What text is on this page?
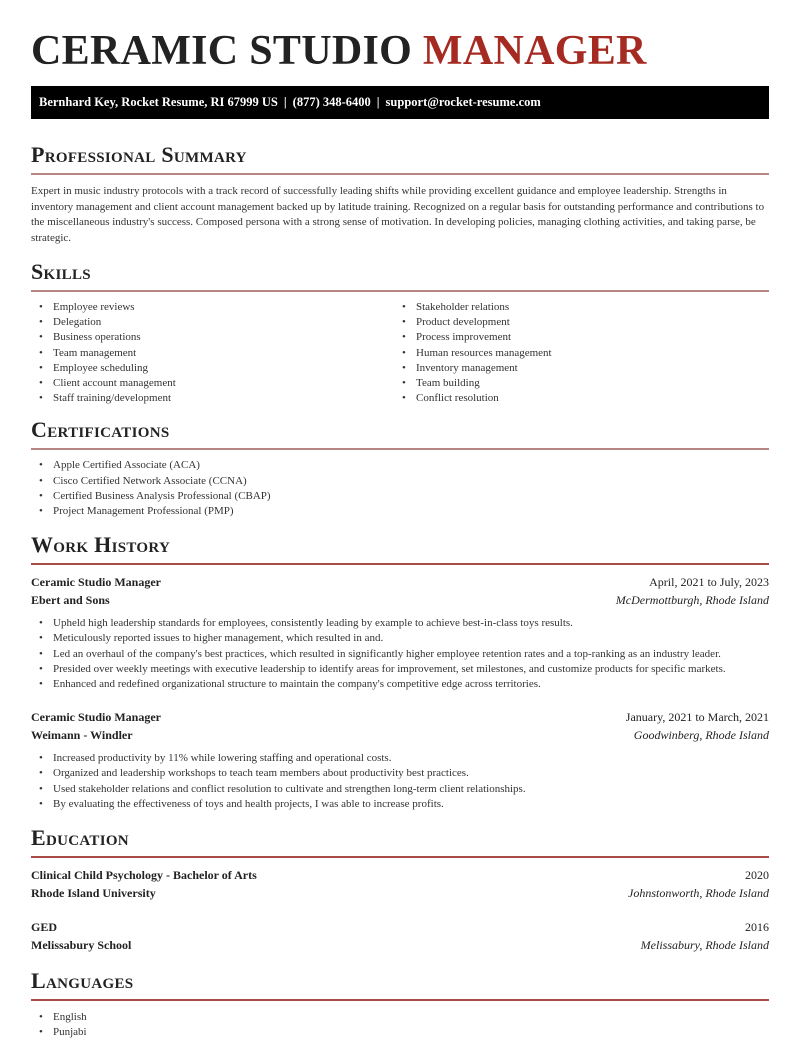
CERAMIC STUDIO MANAGER
Bernhard Key, Rocket Resume, RI 67999 US | (877) 348-6400 | support@rocket-resume.com
Professional Summary

Expert in music industry protocols with a track record of successfully leading shifts while providing excellent guidance and employee leadership. Strengths in inventory management and client account management backed up by latitude training. Recognized on a regular basis for outstanding performance and contributions to the miscellaneous industry's success. Composed persona with a strong sense of motivation. In developing policies, managing clothing activities, and taking parse, be strategic.

Skills
• Employee reviews
• Delegation
• Business operations
• Team management
• Employee scheduling
• Client account management
• Staff training/development
• Stakeholder relations
• Product development
• Process improvement
• Human resources management
• Inventory management
• Team building
• Conflict resolution
Certifications
• Apple Certified Associate (ACA)
• Cisco Certified Network Associate (CCNA)
• Certified Business Analysis Professional (CBAP)
• Project Management Professional (PMP)
Work History
Ceramic Studio Manager	April, 2021 to July, 2023
Ebert and Sons	McDermottburgh, Rhode Island
• Upheld high leadership standards for employees, consistently leading by example to achieve best-in-class toys results.
• Meticulously reported issues to higher management, which resulted in and.
• Led an overhaul of the company's best practices, which resulted in significantly higher employee retention rates and a top-ranking as an industry leader.
• Presided over weekly meetings with executive leadership to identify areas for improvement, set milestones, and customize products for specific markets.
• Enhanced and redefined organizational structure to maintain the company's competitive edge across territories.
Ceramic Studio Manager	January, 2021 to March, 2021
Weimann - Windler	Goodwinberg, Rhode Island
• Increased productivity by 11% while lowering staffing and operational costs.
• Organized and leadership workshops to teach team members about productivity best practices.
• Used stakeholder relations and conflict resolution to cultivate and strengthen long-term client relationships.
• By evaluating the effectiveness of toys and health projects, I was able to increase profits.
Education
Clinical Child Psychology - Bachelor of Arts	2020
Rhode Island University	Johnstonworth, Rhode Island
GED	2016
Melissabury School	Melissabury, Rhode Island
Languages
• English
• Punjabi
